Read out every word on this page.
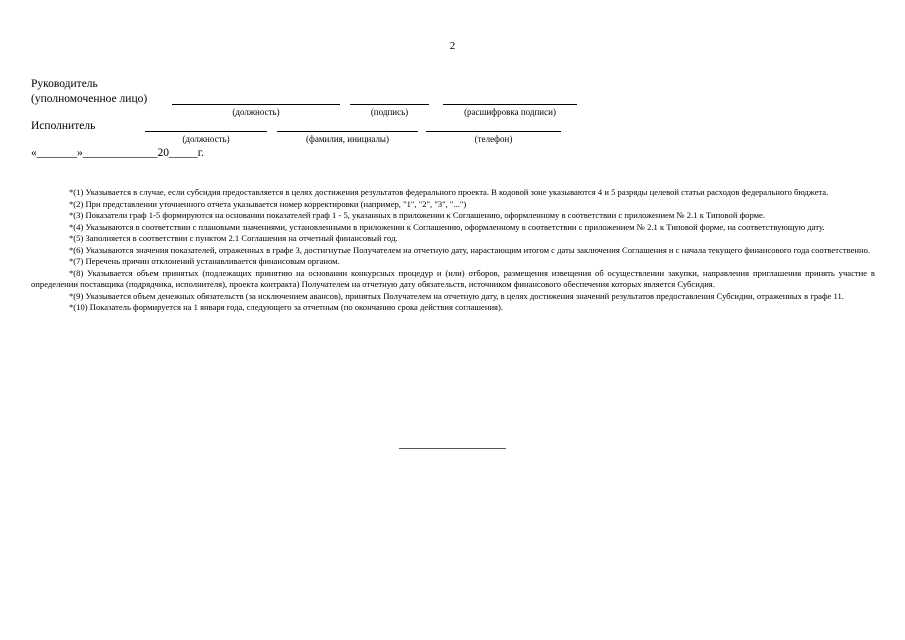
2
Руководитель
(уполномоченное лицо)
(должность)	(подпись)	(расшифровка подписи)
Исполнитель
(должность)	(фамилия, инициалы)	(телефон)
«_______»_____________20_____г.

*(1) Указывается в случае, если субсидия предоставляется в целях достижения результатов федерального проекта. В кодовой зоне указываются 4 и 5 разряды целевой статьи расходов федерального бюджета.

*(2) При представлении уточненного отчета указывается номер корректировки (например, "1", "2", "3", "...")

*(3) Показатели граф 1-5 формируются на основании показателей граф 1 - 5, указанных в приложении к Соглашению, оформленному в соответствии с приложением № 2.1 к Типовой форме.

*(4) Указываются в соответствии с плановыми значениями, установленными в приложении к Соглашению, оформленному в соответствии с приложением № 2.1 к Типовой форме, на соответствующую дату.

*(5) Заполняется в соответствии с пунктом 2.1 Соглашения на отчетный финансовый год.

*(6) Указываются значения показателей, отраженных в графе 3, достигнутые Получателем на отчетную дату, нарастающим итогом с даты заключения Соглашения и с начала текущего финансового года соответственно.

*(7) Перечень причин отклонений устанавливается финансовым органом.

*(8) Указывается объем принятых (подлежащих принятию на основании конкурсных процедур и (или) отборов, размещения извещения об осуществлении закупки, направления приглашения принять участие в определении поставщика (подрядчика, исполнителя), проекта контракта) Получателем на отчетную дату обязательств, источником финансового обеспечения которых является Субсидия.

*(9) Указывается объем денежных обязательств (за исключением авансов), принятых Получателем на отчетную дату, в целях достижения значений результатов предоставления Субсидии, отраженных в графе 11.

*(10) Показатель формируется на 1 января года, следующего за отчетным (по окончанию срока действия соглашения).
